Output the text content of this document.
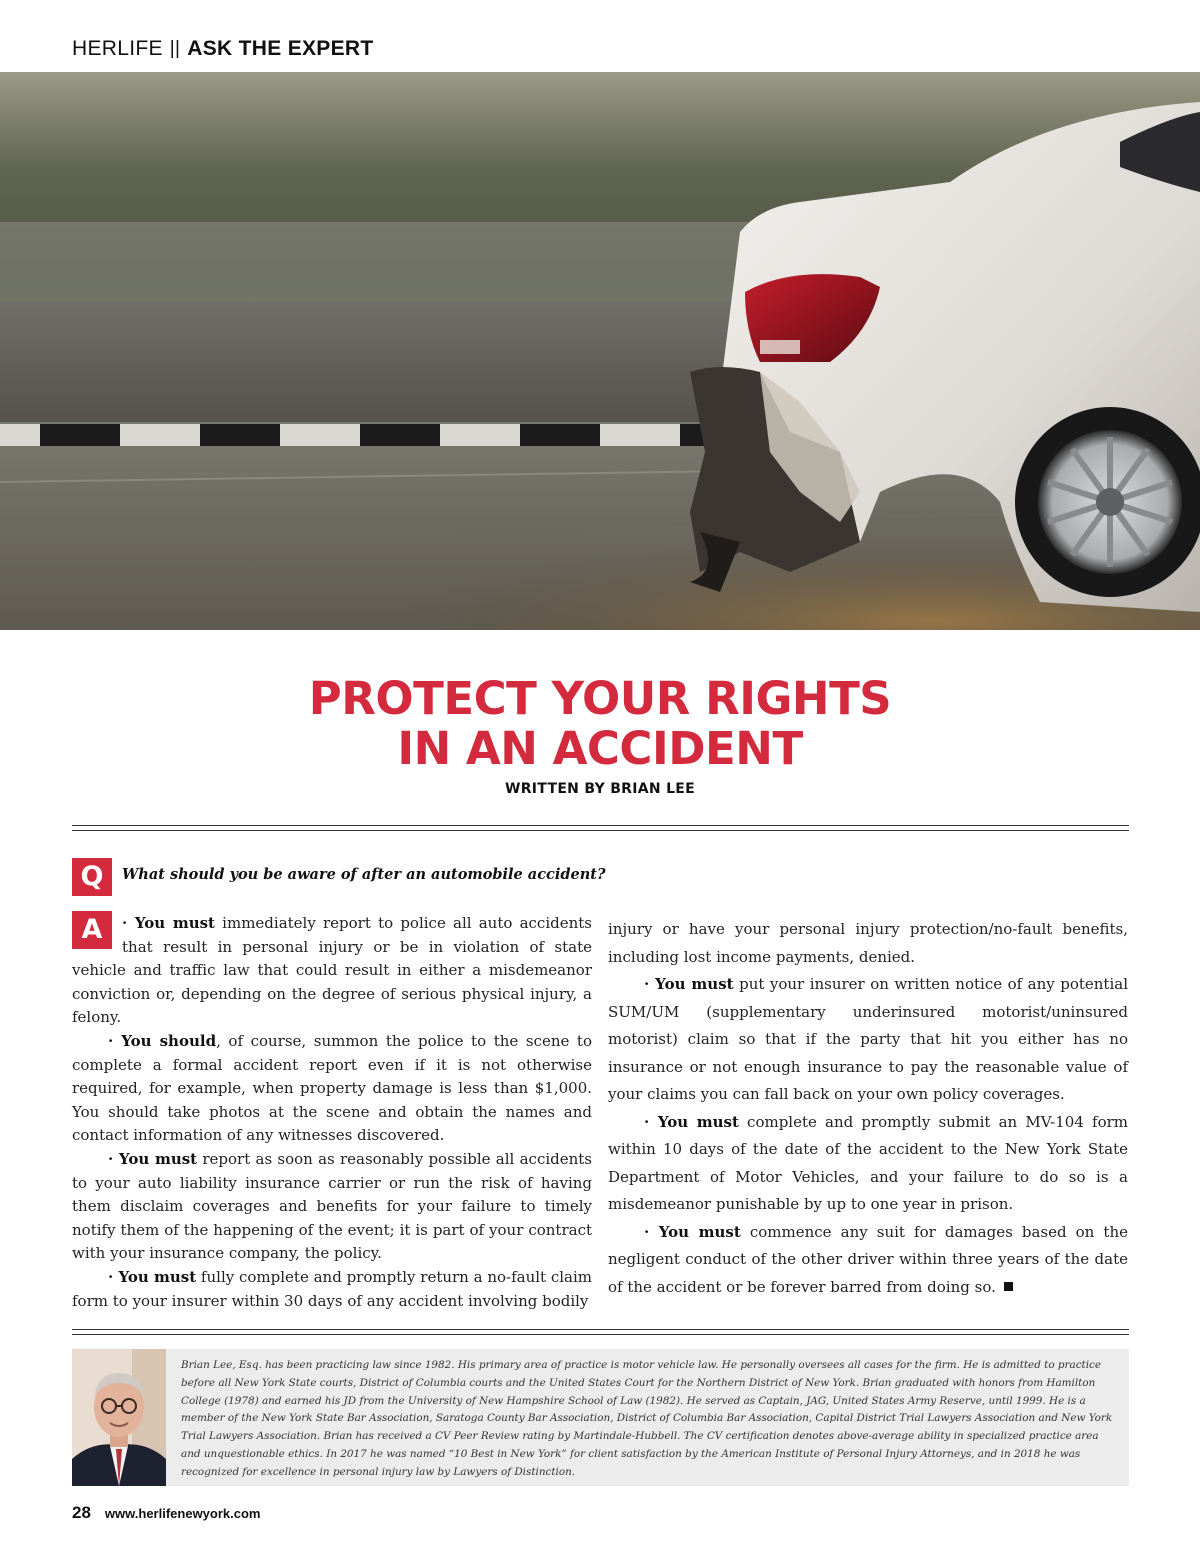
HERLIFE || ASK THE EXPERT
PROTECT YOUR RIGHTS
IN AN ACCIDENT
WRITTEN BY BRIAN LEE
Q	What should you be aware of after an automobile accident?
A	· You must immediately report to police all auto accidents that result in personal injury or be in violation of state vehicle and traffic law that could result in either a misdemeanor conviction or, depending on the degree of serious physical injury, a felony.

· You should, of course, summon the police to the scene to complete a formal accident report even if it is not otherwise required, for example, when property damage is less than $1,000. You should take photos at the scene and obtain the names and contact information of any witnesses discovered.

· You must report as soon as reasonably possible all accidents to your auto liability insurance carrier or run the risk of having them disclaim coverages and benefits for your failure to timely notify them of the happening of the event; it is part of your contract with your insurance company, the policy.

· You must fully complete and promptly return a no-fault claim form to your insurer within 30 days of any accident involving bodily

injury or have your personal injury protection/no-fault benefits, including lost income payments, denied.

· You must put your insurer on written notice of any potential SUM/UM (supplementary underinsured motorist/uninsured motorist) claim so that if the party that hit you either has no insurance or not enough insurance to pay the reasonable value of your claims you can fall back on your own policy coverages.

· You must complete and promptly submit an MV-104 form within 10 days of the date of the accident to the New York State Department of Motor Vehicles, and your failure to do so is a misdemeanor punishable by up to one year in prison.

· You must commence any suit for damages based on the negligent conduct of the other driver within three years of the date of the accident or be forever barred from doing so.

Brian Lee, Esq. has been practicing law since 1982. His primary area of practice is motor vehicle law. He personally oversees all cases for the firm. He is admitted to practice before all New York State courts, District of Columbia courts and the United States Court for the Northern District of New York. Brian graduated with honors from Hamilton College (1978) and earned his JD from the University of New Hampshire School of Law (1982). He served as Captain, JAG, United States Army Reserve, until 1999. He is a member of the New York State Bar Association, Saratoga County Bar Association, District of Columbia Bar Association, Capital District Trial Lawyers Association and New York Trial Lawyers Association. Brian has received a CV Peer Review rating by Martindale-Hubbell. The CV certification denotes above-average ability in specialized practice area and unquestionable ethics. In 2017 he was named “10 Best in New York” for client satisfaction by the American Institute of Personal Injury Attorneys, and in 2018 he was recognized for excellence in personal injury law by Lawyers of Distinction.
28 www.herlifenewyork.com
